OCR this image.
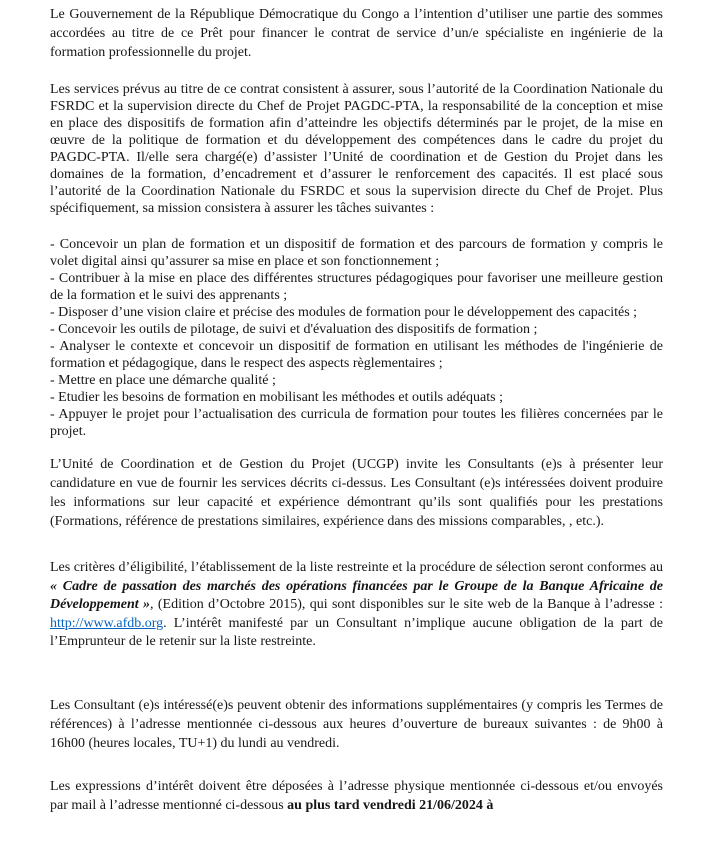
Le Gouvernement de la République Démocratique du Congo a l’intention d’utiliser une partie des sommes accordées au titre de ce Prêt pour financer le contrat de service d’un/e spécialiste en ingénierie de la formation professionnelle du projet.

Les services prévus au titre de ce contrat consistent à assurer, sous l’autorité de la Coordination Nationale du FSRDC et la supervision directe du Chef de Projet PAGDC-PTA, la responsabilité de la conception et mise en place des dispositifs de formation afin d’atteindre les objectifs déterminés par le projet, de la mise en œuvre de la politique de formation et du développement des compétences dans le cadre du projet du PAGDC-PTA. Il/elle sera chargé(e) d’assister l’Unité de coordination et de Gestion du Projet dans les domaines de la formation, d’encadrement et d’assurer le renforcement des capacités. Il est placé sous l’autorité de la Coordination Nationale du FSRDC et sous la supervision directe du Chef de Projet. Plus spécifiquement, sa mission consistera à assurer les tâches suivantes :

- Concevoir un plan de formation et un dispositif de formation et des parcours de formation y compris le volet digital ainsi qu’assurer sa mise en place et son fonctionnement ;

- Contribuer à la mise en place des différentes structures pédagogiques pour favoriser une meilleure gestion de la formation et le suivi des apprenants ;

- Disposer d’une vision claire et précise des modules de formation pour le développement des capacités ;

- Concevoir les outils de pilotage, de suivi et d'évaluation des dispositifs de formation ;

- Analyser le contexte et concevoir un dispositif de formation en utilisant les méthodes de l'ingénierie de formation et pédagogique, dans le respect des aspects règlementaires ;

- Mettre en place une démarche qualité ;

- Etudier les besoins de formation en mobilisant les méthodes et outils adéquats ;

- Appuyer le projet pour l’actualisation des curricula de formation pour toutes les filières concernées par le projet.

L’Unité de Coordination et de Gestion du Projet (UCGP) invite les Consultants (e)s à présenter leur candidature en vue de fournir les services décrits ci-dessus. Les Consultant (e)s intéressées doivent produire les informations sur leur capacité et expérience démontrant qu’ils sont qualifiés pour les prestations (Formations, référence de prestations similaires, expérience dans des missions comparables, , etc.).

Les critères d’éligibilité, l’établissement de la liste restreinte et la procédure de sélection seront conformes au « Cadre de passation des marchés des opérations financées par le Groupe de la Banque Africaine de Développement », (Edition d’Octobre 2015), qui sont disponibles sur le site web de la Banque à l’adresse : http://www.afdb.org. L’intérêt manifesté par un Consultant n’implique aucune obligation de la part de l’Emprunteur de le retenir sur la liste restreinte.

Les Consultant (e)s intéressé(e)s peuvent obtenir des informations supplémentaires (y compris les Termes de références) à l’adresse mentionnée ci-dessous aux heures d’ouverture de bureaux suivantes : de 9h00 à 16h00 (heures locales, TU+1) du lundi au vendredi.

Les expressions d’intérêt doivent être déposées à l’adresse physique mentionnée ci-dessous et/ou envoyés par mail à l’adresse mentionné ci-dessous au plus tard vendredi 21/06/2024 à
